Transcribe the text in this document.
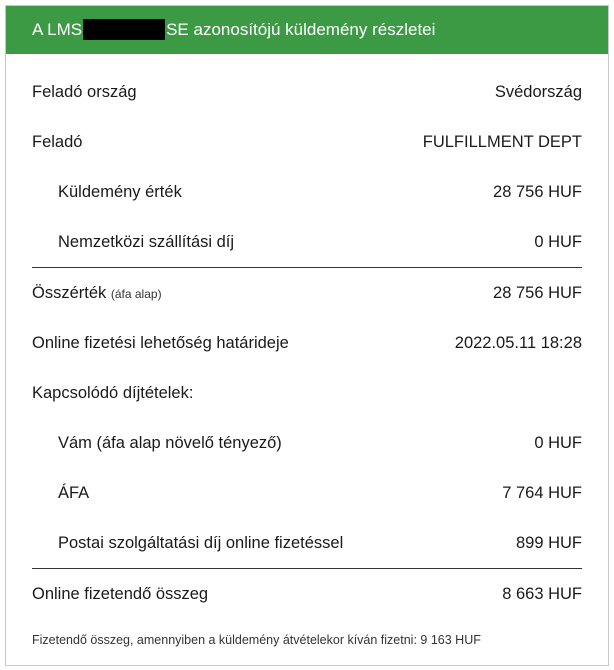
A LMS	SE azonosítójú küldemény részletei
Feladó ország	Svédország
Feladó	FULFILLMENT DEPT
Küldemény érték	28 756 HUF
Nemzetközi szállítási díj	0 HUF
Összérték (áfa alap)	28 756 HUF
Online fizetési lehetőség határideje	2022.05.11 18:28
Kapcsolódó díjtételek:
Vám (áfa alap növelő tényező)	0 HUF
ÁFA	7 764 HUF
Postai szolgáltatási díj online fizetéssel	899 HUF
Online fizetendő összeg	8 663 HUF
Fizetendő összeg, amennyiben a küldemény átvételekor kíván fizetni: 9 163 HUF
